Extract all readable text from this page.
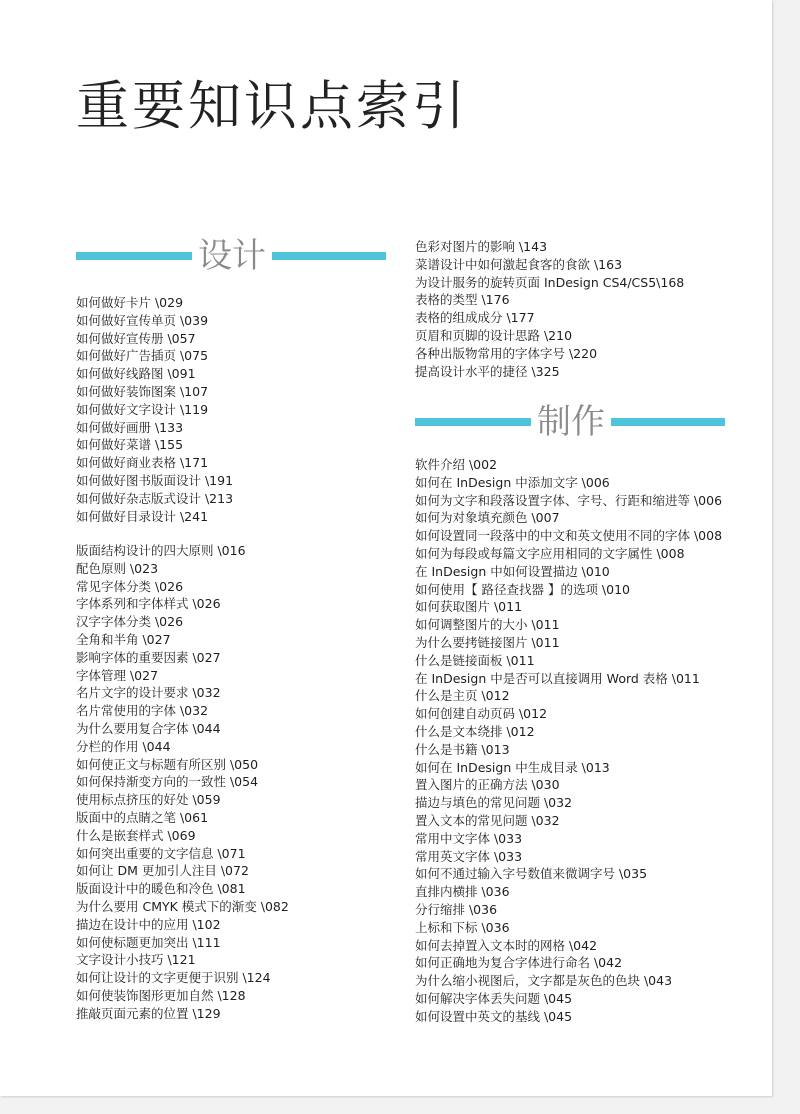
重要知识点索引
设计
如何做好卡片 \029
如何做好宣传单页 \039
如何做好宣传册 \057
如何做好广告插页 \075
如何做好线路图 \091
如何做好装饰图案 \107
如何做好文字设计 \119
如何做好画册 \133
如何做好菜谱 \155
如何做好商业表格 \171
如何做好图书版面设计 \191
如何做好杂志版式设计 \213
如何做好目录设计 \241
版面结构设计的四大原则 \016
配色原则 \023
常见字体分类 \026
字体系列和字体样式 \026
汉字字体分类 \026
全角和半角 \027
影响字体的重要因素 \027
字体管理 \027
名片文字的设计要求 \032
名片常使用的字体 \032
为什么要用复合字体 \044
分栏的作用 \044
如何使正文与标题有所区别 \050
如何保持渐变方向的一致性 \054
使用标点挤压的好处 \059
版面中的点睛之笔 \061
什么是嵌套样式 \069
如何突出重要的文字信息 \071
如何让 DM 更加引人注目 \072
版面设计中的暖色和冷色 \081
为什么要用 CMYK 模式下的渐变 \082
描边在设计中的应用 \102
如何使标题更加突出 \111
文字设计小技巧 \121
如何让设计的文字更便于识别 \124
如何使装饰图形更加自然 \128
推敲页面元素的位置 \129
色彩对图片的影响 \143
菜谱设计中如何激起食客的食欲 \163
为设计服务的旋转页面 InDesign CS4/CS5\168
表格的类型 \176
表格的组成成分 \177
页眉和页脚的设计思路 \210
各种出版物常用的字体字号 \220
提高设计水平的捷径 \325
制作
软件介绍 \002
如何在 InDesign 中添加文字 \006
如何为文字和段落设置字体、字号、行距和缩进等 \006
如何为对象填充颜色 \007
如何设置同一段落中的中文和英文使用不同的字体 \008
如何为每段或每篇文字应用相同的文字属性 \008
在 InDesign 中如何设置描边 \010
如何使用【 路径查找器 】的选项 \010
如何获取图片 \011
如何调整图片的大小 \011
为什么要拷链接图片 \011
什么是链接面板 \011
在 InDesign 中是否可以直接调用 Word 表格 \011
什么是主页 \012
如何创建自动页码 \012
什么是文本绕排 \012
什么是书籍 \013
如何在 InDesign 中生成目录 \013
置入图片的正确方法 \030
描边与填色的常见问题 \032
置入文本的常见问题 \032
常用中文字体 \033
常用英文字体 \033
如何不通过输入字号数值来微调字号 \035
直排内横排 \036
分行缩排 \036
上标和下标 \036
如何去掉置入文本时的网格 \042
如何正确地为复合字体进行命名 \042
为什么缩小视图后，文字都是灰色的色块 \043
如何解决字体丢失问题 \045
如何设置中英文的基线 \045
